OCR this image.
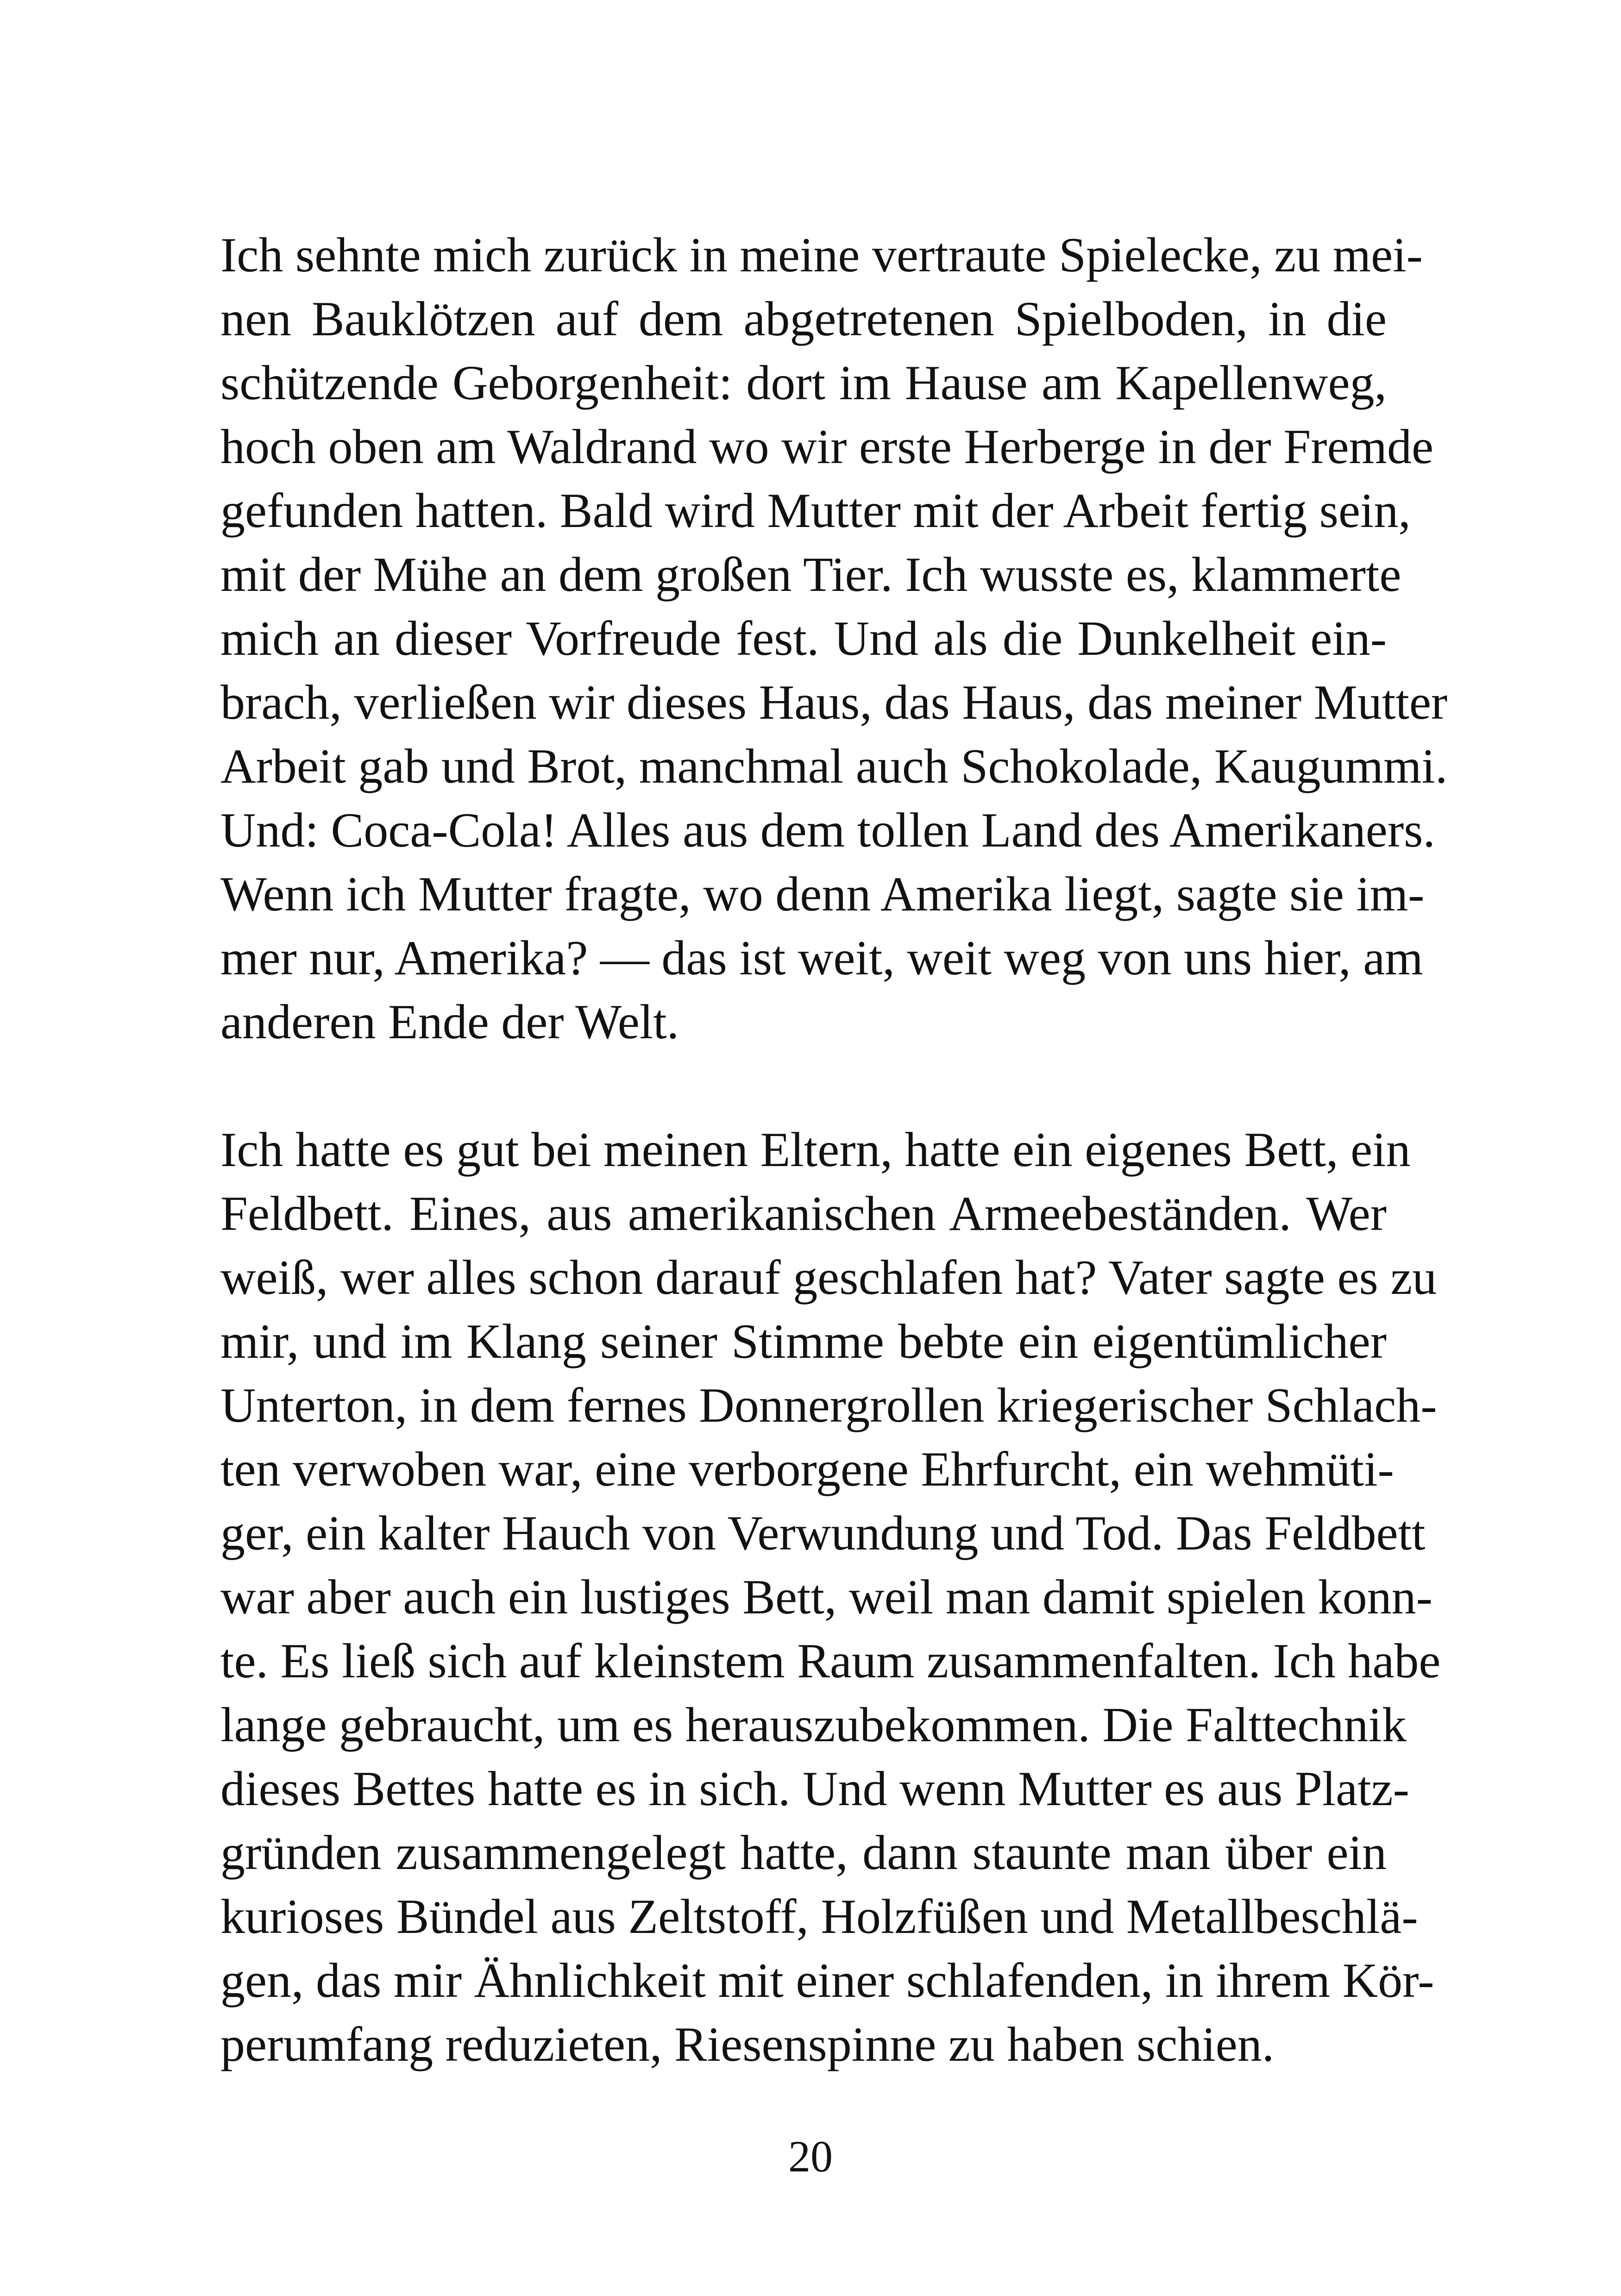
Ich sehnte mich zurück in meine vertraute Spielecke, zu mei-
nen Bauklötzen auf dem abgetretenen Spielboden, in die
schützende Geborgenheit: dort im Hause am Kapellenweg,
hoch oben am Waldrand wo wir erste Herberge in der Fremde
gefunden hatten. Bald wird Mutter mit der Arbeit fertig sein,
mit der Mühe an dem großen Tier. Ich wusste es, klammerte
mich an dieser Vorfreude fest. Und als die Dunkelheit ein-
brach, verließen wir dieses Haus, das Haus, das meiner Mutter
Arbeit gab und Brot, manchmal auch Schokolade, Kaugummi.
Und: Coca-Cola! Alles aus dem tollen Land des Amerikaners.
Wenn ich Mutter fragte, wo denn Amerika liegt, sagte sie im-
mer nur, Amerika? — das ist weit, weit weg von uns hier, am
anderen Ende der Welt.
Ich hatte es gut bei meinen Eltern, hatte ein eigenes Bett, ein
Feldbett. Eines, aus amerikanischen Armeebeständen. Wer
weiß, wer alles schon darauf geschlafen hat? Vater sagte es zu
mir, und im Klang seiner Stimme bebte ein eigentümlicher
Unterton, in dem fernes Donnergrollen kriegerischer Schlach-
ten verwoben war, eine verborgene Ehrfurcht, ein wehmüti-
ger, ein kalter Hauch von Verwundung und Tod. Das Feldbett
war aber auch ein lustiges Bett, weil man damit spielen konn-
te. Es ließ sich auf kleinstem Raum zusammenfalten. Ich habe
lange gebraucht, um es herauszubekommen. Die Falttechnik
dieses Bettes hatte es in sich. Und wenn Mutter es aus Platz-
gründen zusammengelegt hatte, dann staunte man über ein
kurioses Bündel aus Zeltstoff, Holzfüßen und Metallbeschlä-
gen, das mir Ähnlichkeit mit einer schlafenden, in ihrem Kör-
perumfang reduzieten, Riesenspinne zu haben schien.
20
